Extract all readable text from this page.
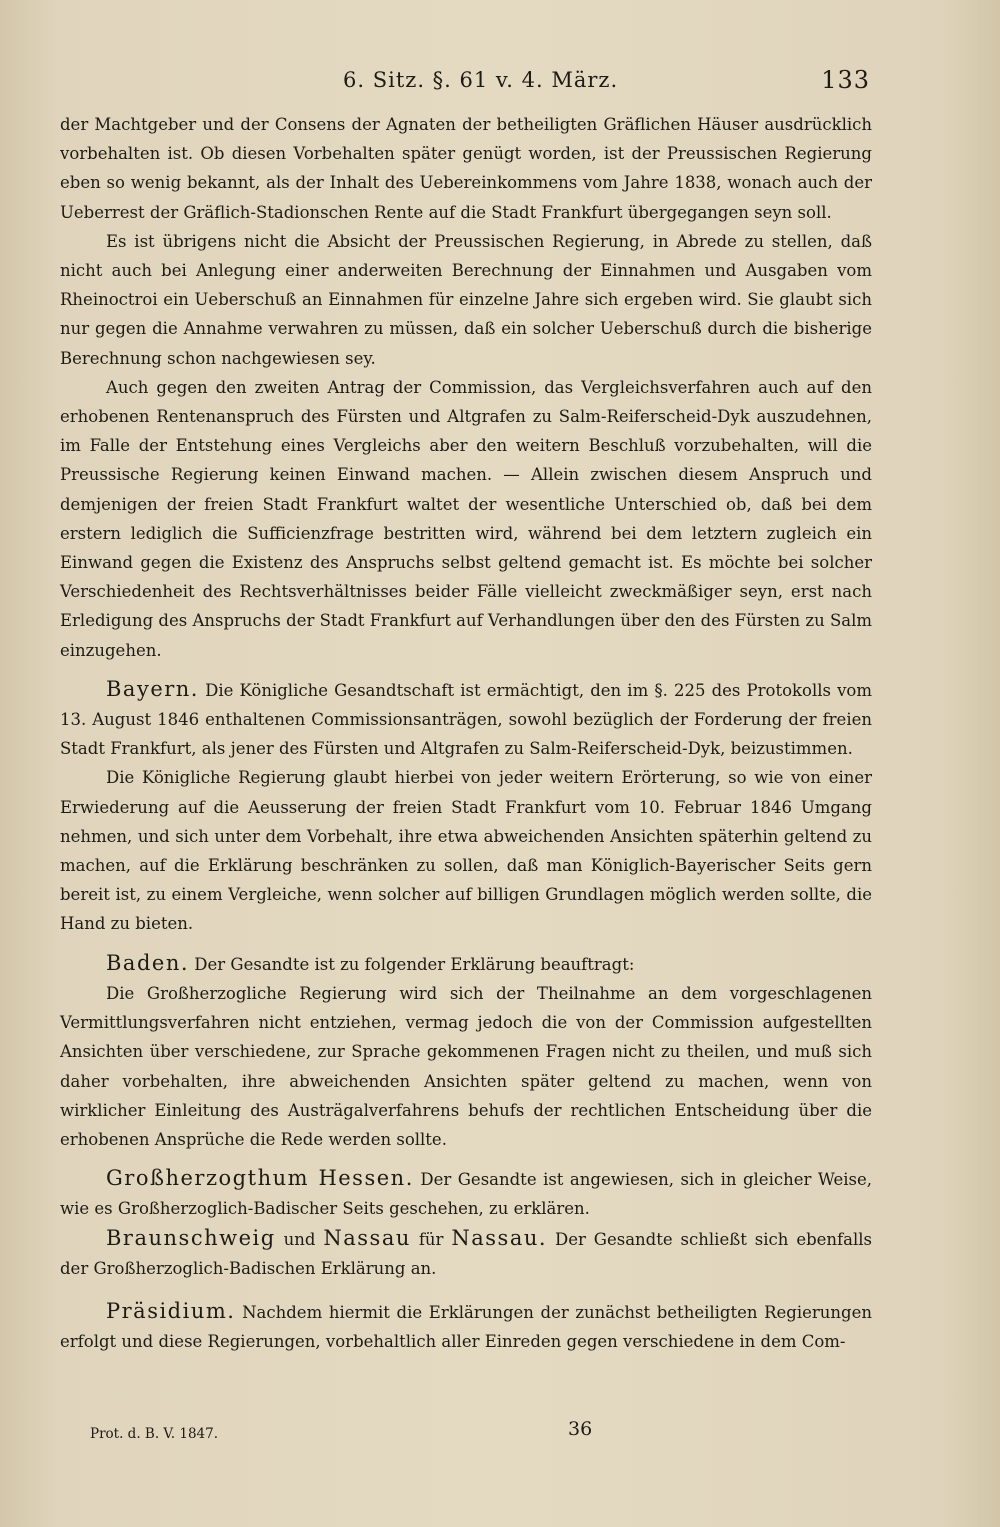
6. Sitz. §. 61 v. 4. März.	133

der Machtgeber und der Consens der Agnaten der betheiligten Gräflichen Häuser ausdrücklich vorbehalten ist. Ob diesen Vorbehalten später genügt worden, ist der Preussischen Regierung eben so wenig bekannt, als der Inhalt des Uebereinkommens vom Jahre 1838, wonach auch der Ueberrest der Gräflich-Stadionschen Rente auf die Stadt Frankfurt übergegangen seyn soll.

Es ist übrigens nicht die Absicht der Preussischen Regierung, in Abrede zu stellen, daß nicht auch bei Anlegung einer anderweiten Berechnung der Einnahmen und Ausgaben vom Rheinoctroi ein Ueberschuß an Einnahmen für einzelne Jahre sich ergeben wird. Sie glaubt sich nur gegen die Annahme verwahren zu müssen, daß ein solcher Ueberschuß durch die bisherige Berechnung schon nachgewiesen sey.

Auch gegen den zweiten Antrag der Commission, das Vergleichsverfahren auch auf den erhobenen Rentenanspruch des Fürsten und Altgrafen zu Salm-Reiferscheid-Dyk auszudehnen, im Falle der Entstehung eines Vergleichs aber den weitern Beschluß vorzubehalten, will die Preussische Regierung keinen Einwand machen. — Allein zwischen diesem Anspruch und demjenigen der freien Stadt Frankfurt waltet der wesentliche Unterschied ob, daß bei dem erstern lediglich die Sufficienzfrage bestritten wird, während bei dem letztern zugleich ein Einwand gegen die Existenz des Anspruchs selbst geltend gemacht ist. Es möchte bei solcher Verschiedenheit des Rechtsverhältnisses beider Fälle vielleicht zweckmäßiger seyn, erst nach Erledigung des Anspruchs der Stadt Frankfurt auf Verhandlungen über den des Fürsten zu Salm einzugehen.

Bayern. Die Königliche Gesandtschaft ist ermächtigt, den im §. 225 des Protokolls vom 13. August 1846 enthaltenen Commissionsanträgen, sowohl bezüglich der Forderung der freien Stadt Frankfurt, als jener des Fürsten und Altgrafen zu Salm-Reiferscheid-Dyk, beizustimmen.

Die Königliche Regierung glaubt hierbei von jeder weitern Erörterung, so wie von einer Erwiederung auf die Aeusserung der freien Stadt Frankfurt vom 10. Februar 1846 Umgang nehmen, und sich unter dem Vorbehalt, ihre etwa abweichenden Ansichten späterhin geltend zu machen, auf die Erklärung beschränken zu sollen, daß man Königlich-Bayerischer Seits gern bereit ist, zu einem Vergleiche, wenn solcher auf billigen Grundlagen möglich werden sollte, die Hand zu bieten.

Baden. Der Gesandte ist zu folgender Erklärung beauftragt:

Die Großherzogliche Regierung wird sich der Theilnahme an dem vorgeschlagenen Vermittlungsverfahren nicht entziehen, vermag jedoch die von der Commission aufgestellten Ansichten über verschiedene, zur Sprache gekommenen Fragen nicht zu theilen, und muß sich daher vorbehalten, ihre abweichenden Ansichten später geltend zu machen, wenn von wirklicher Einleitung des Austrägalverfahrens behufs der rechtlichen Entscheidung über die erhobenen Ansprüche die Rede werden sollte.

Großherzogthum Hessen. Der Gesandte ist angewiesen, sich in gleicher Weise, wie es Großherzoglich-Badischer Seits geschehen, zu erklären.

Braunschweig und Nassau für Nassau. Der Gesandte schließt sich ebenfalls der Großherzoglich-Badischen Erklärung an.

Präsidium. Nachdem hiermit die Erklärungen der zunächst betheiligten Regierungen erfolgt und diese Regierungen, vorbehaltlich aller Einreden gegen verschiedene in dem Com-

Prot. d. B. V. 1847.	36
